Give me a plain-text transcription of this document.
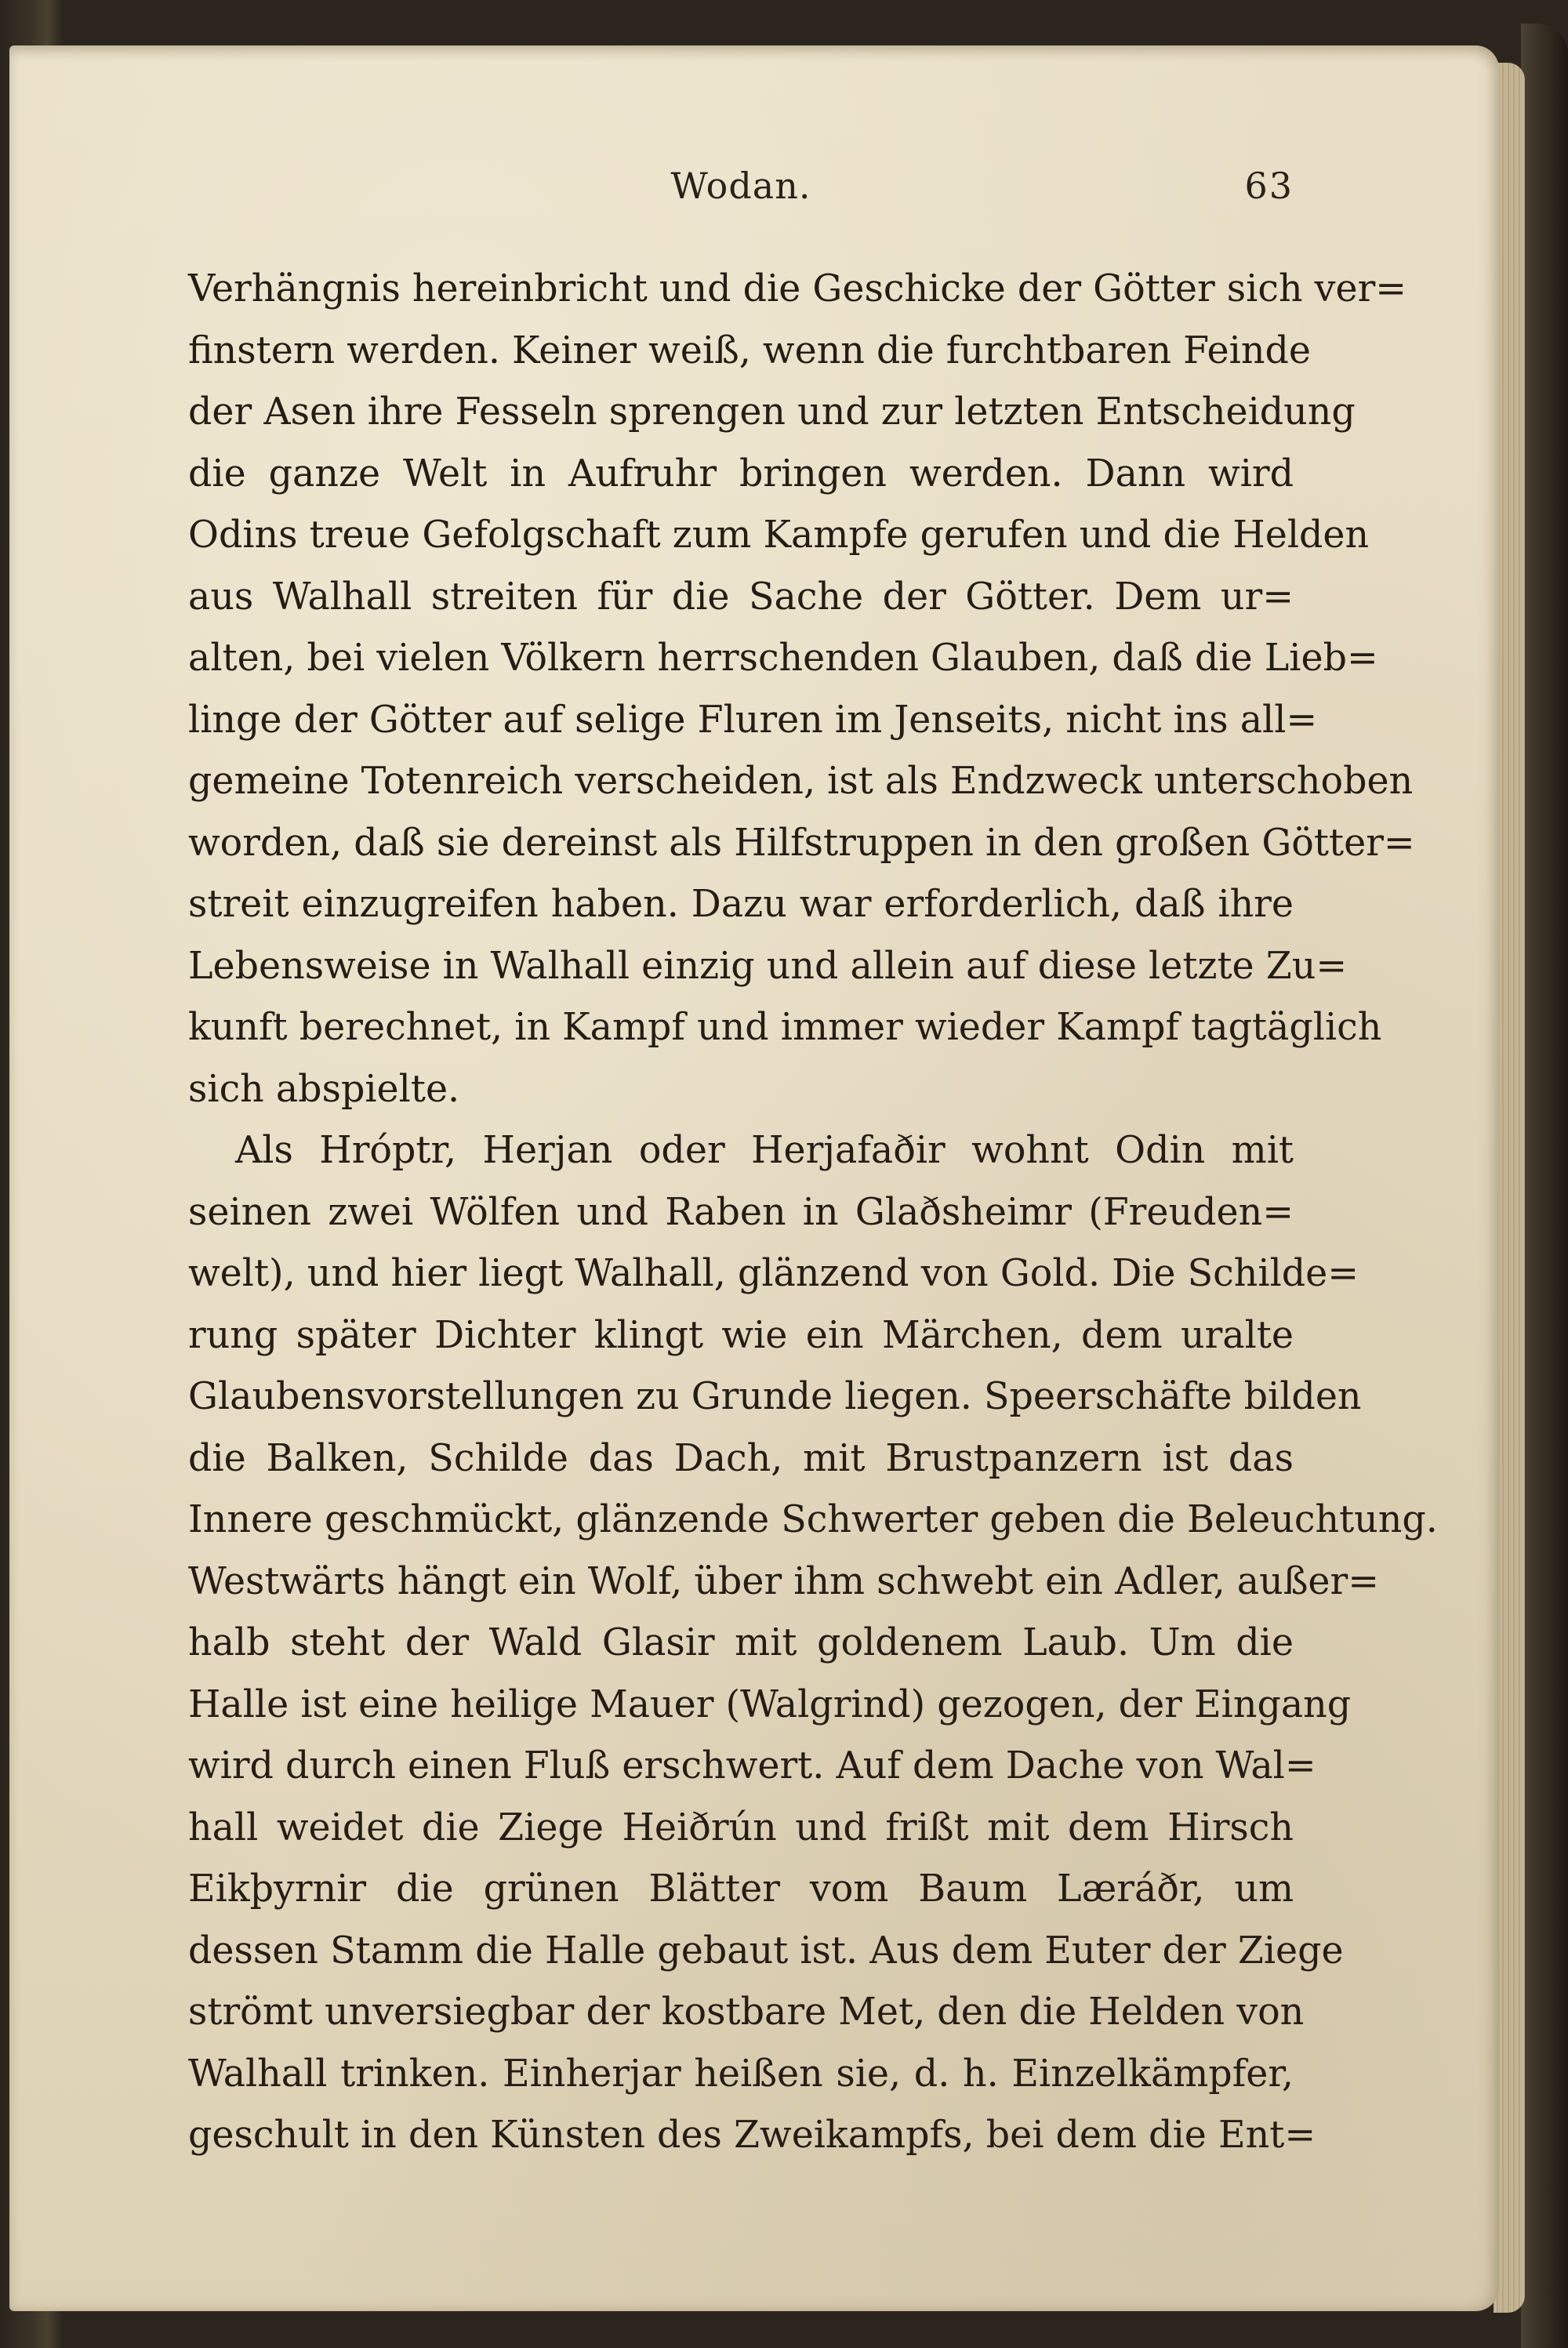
Wodan.	63
Verhängnis hereinbricht und die Geschicke der Götter sich ver=
finstern werden. Keiner weiß, wenn die furchtbaren Feinde
der Asen ihre Fesseln sprengen und zur letzten Entscheidung
die ganze Welt in Aufruhr bringen werden. Dann wird
Odins treue Gefolgschaft zum Kampfe gerufen und die Helden
aus Walhall streiten für die Sache der Götter. Dem ur=
alten, bei vielen Völkern herrschenden Glauben, daß die Lieb=
linge der Götter auf selige Fluren im Jenseits, nicht ins all=
gemeine Totenreich verscheiden, ist als Endzweck unterschoben
worden, daß sie dereinst als Hilfstruppen in den großen Götter=
streit einzugreifen haben. Dazu war erforderlich, daß ihre
Lebensweise in Walhall einzig und allein auf diese letzte Zu=
kunft berechnet, in Kampf und immer wieder Kampf tagtäglich
sich abspielte.
Als Hróptr, Herjan oder Herjafaðir wohnt Odin mit
seinen zwei Wölfen und Raben in Glaðsheimr (Freuden=
welt), und hier liegt Walhall, glänzend von Gold. Die Schilde=
rung später Dichter klingt wie ein Märchen, dem uralte
Glaubensvorstellungen zu Grunde liegen. Speerschäfte bilden
die Balken, Schilde das Dach, mit Brustpanzern ist das
Innere geschmückt, glänzende Schwerter geben die Beleuchtung.
Westwärts hängt ein Wolf, über ihm schwebt ein Adler, außer=
halb steht der Wald Glasir mit goldenem Laub. Um die
Halle ist eine heilige Mauer (Walgrind) gezogen, der Eingang
wird durch einen Fluß erschwert. Auf dem Dache von Wal=
hall weidet die Ziege Heiðrún und frißt mit dem Hirsch
Eikþyrnir die grünen Blätter vom Baum Læráðr, um
dessen Stamm die Halle gebaut ist. Aus dem Euter der Ziege
strömt unversiegbar der kostbare Met, den die Helden von
Walhall trinken. Einherjar heißen sie, d. h. Einzelkämpfer,
geschult in den Künsten des Zweikampfs, bei dem die Ent=
